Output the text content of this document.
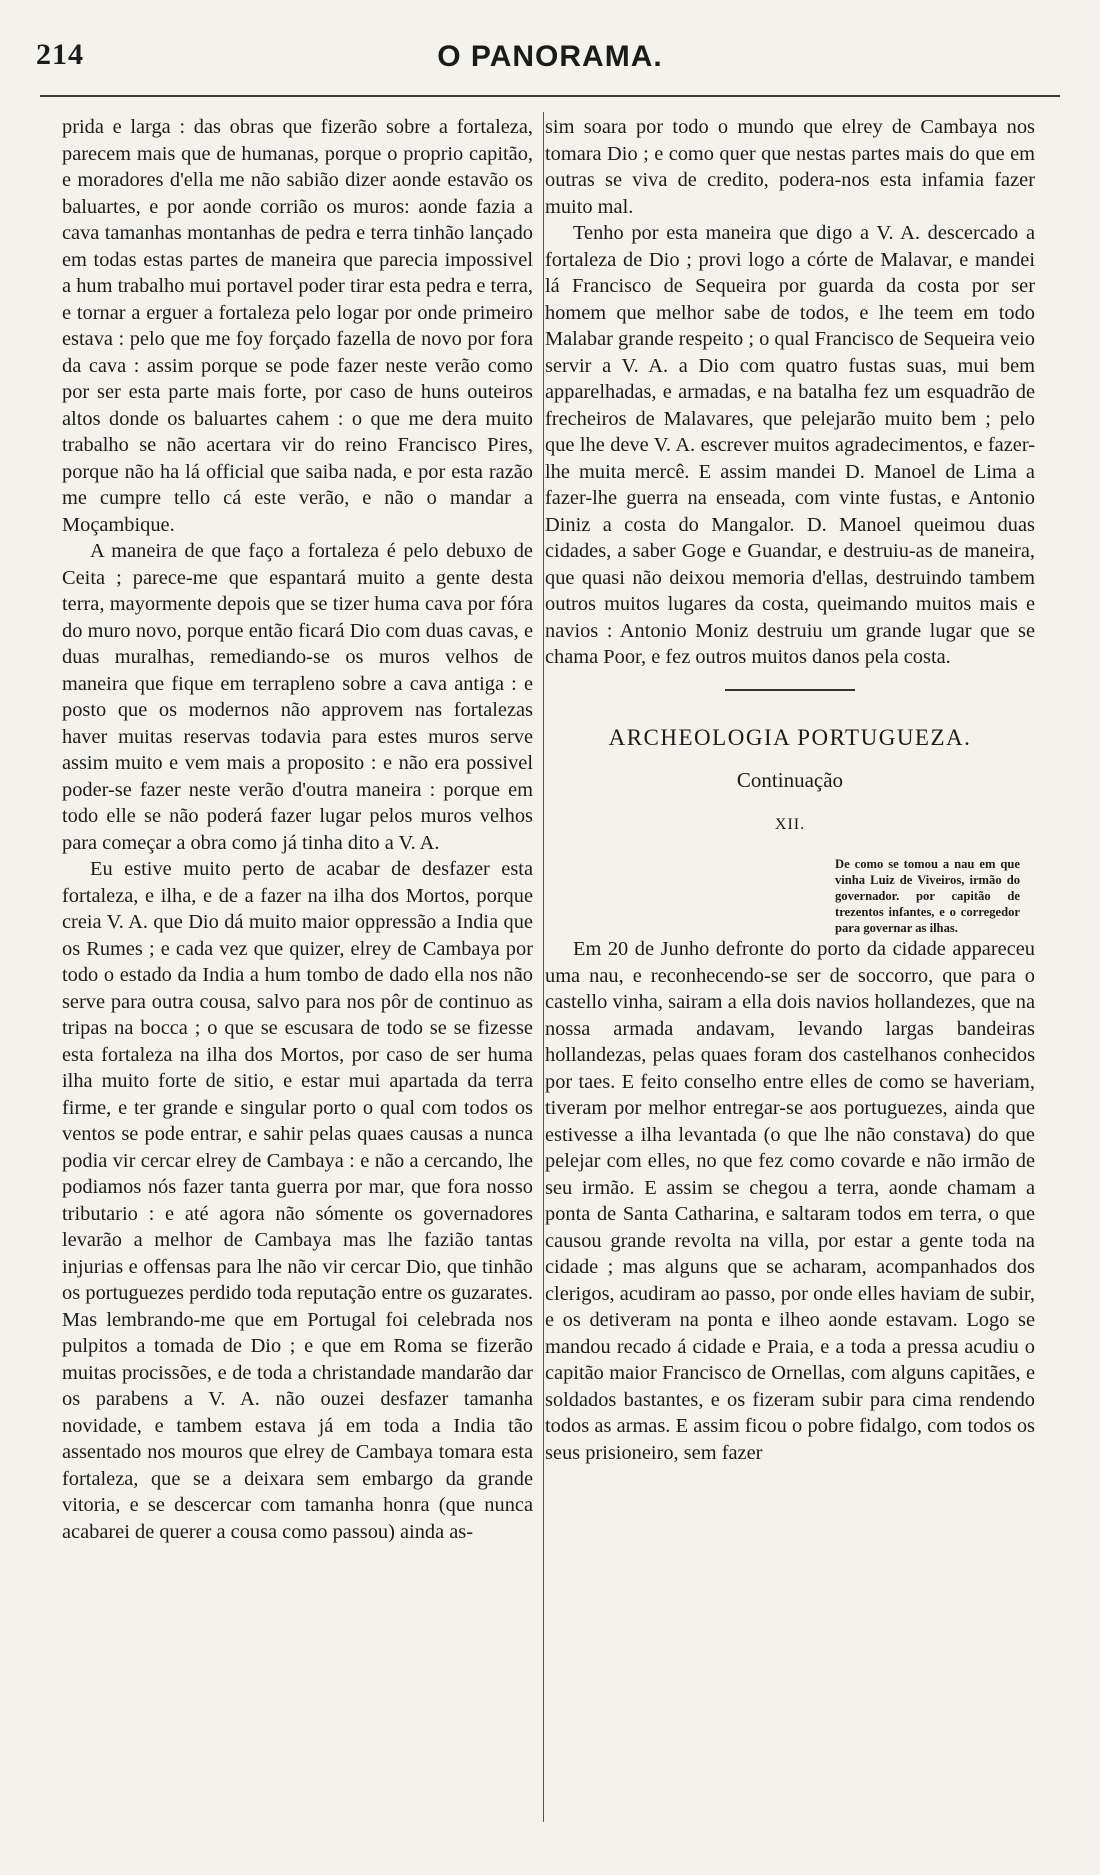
214	O PANORAMA.

prida e larga : das obras que fizerão sobre a fortaleza, parecem mais que de humanas, porque o proprio capitão, e moradores d'ella me não sabião dizer aonde estavão os baluartes, e por aonde corrião os muros: aonde fazia a cava tamanhas montanhas de pedra e terra tinhão lançado em todas estas partes de maneira que parecia impossivel a hum trabalho mui portavel poder tirar esta pedra e terra, e tornar a erguer a fortaleza pelo logar por onde primeiro estava : pelo que me foy forçado fazella de novo por fora da cava : assim porque se pode fazer neste verão como por ser esta parte mais forte, por caso de huns outeiros altos donde os baluartes cahem : o que me dera muito trabalho se não acertara vir do reino Francisco Pires, porque não ha lá official que saiba nada, e por esta razão me cumpre tello cá este verão, e não o mandar a Moçambique.

A maneira de que faço a fortaleza é pelo debuxo de Ceita ; parece-me que espantará muito a gente desta terra, mayormente depois que se tizer huma cava por fóra do muro novo, porque então ficará Dio com duas cavas, e duas muralhas, remediando-se os muros velhos de maneira que fique em terrapleno sobre a cava antiga : e posto que os modernos não approvem nas fortalezas haver muitas reservas todavia para estes muros serve assim muito e vem mais a proposito : e não era possivel poder-se fazer neste verão d'outra maneira : porque em todo elle se não poderá fazer lugar pelos muros velhos para começar a obra como já tinha dito a V. A.

Eu estive muito perto de acabar de desfazer esta fortaleza, e ilha, e de a fazer na ilha dos Mortos, porque creia V. A. que Dio dá muito maior oppressão a India que os Rumes ; e cada vez que quizer, elrey de Cambaya por todo o estado da India a hum tombo de dado ella nos não serve para outra cousa, salvo para nos pôr de continuo as tripas na bocca ; o que se escusara de todo se se fizesse esta fortaleza na ilha dos Mortos, por caso de ser huma ilha muito forte de sitio, e estar mui apartada da terra firme, e ter grande e singular porto o qual com todos os ventos se pode entrar, e sahir pelas quaes causas a nunca podia vir cercar elrey de Cambaya : e não a cercando, lhe podiamos nós fazer tanta guerra por mar, que fora nosso tributario : e até agora não sómente os governadores levarão a melhor de Cambaya mas lhe fazião tantas injurias e offensas para lhe não vir cercar Dio, que tinhão os portuguezes perdido toda reputação entre os guzarates. Mas lembrando-me que em Portugal foi celebrada nos pulpitos a tomada de Dio ; e que em Roma se fizerão muitas procissões, e de toda a christandade mandarão dar os parabens a V. A. não ouzei desfazer tamanha novidade, e tambem estava já em toda a India tão assentado nos mouros que elrey de Cambaya tomara esta fortaleza, que se a deixara sem embargo da grande vitoria, e se descercar com tamanha honra (que nunca acabarei de querer a cousa como passou) ainda as-

sim soara por todo o mundo que elrey de Cambaya nos tomara Dio ; e como quer que nestas partes mais do que em outras se viva de credito, podera-nos esta infamia fazer muito mal.

Tenho por esta maneira que digo a V. A. descercado a fortaleza de Dio ; provi logo a córte de Malavar, e mandei lá Francisco de Sequeira por guarda da costa por ser homem que melhor sabe de todos, e lhe teem em todo Malabar grande respeito ; o qual Francisco de Sequeira veio servir a V. A. a Dio com quatro fustas suas, mui bem apparelhadas, e armadas, e na batalha fez um esquadrão de frecheiros de Malavares, que pelejarão muito bem ; pelo que lhe deve V. A. escrever muitos agradecimentos, e fazer-lhe muita mercê. E assim mandei D. Manoel de Lima a fazer-lhe guerra na enseada, com vinte fustas, e Antonio Diniz a costa do Mangalor. D. Manoel queimou duas cidades, a saber Goge e Guandar, e destruiu-as de maneira, que quasi não deixou memoria d'ellas, destruindo tambem outros muitos lugares da costa, queimando muitos mais e navios : Antonio Moniz destruiu um grande lugar que se chama Poor, e fez outros muitos danos pela costa.

ARCHEOLOGIA PORTUGUEZA.
Continuação
XII.
De como se tomou a nau em que vinha Luiz de Viveiros, irmão do governador. por capitão de trezentos infantes, e o corregedor para governar as ilhas.

Em 20 de Junho defronte do porto da cidade appareceu uma nau, e reconhecendo-se ser de soccorro, que para o castello vinha, sairam a ella dois navios hollandezes, que na nossa armada andavam, levando largas bandeiras hollandezas, pelas quaes foram dos castelhanos conhecidos por taes. E feito conselho entre elles de como se haveriam, tiveram por melhor entregar-se aos portuguezes, ainda que estivesse a ilha levantada (o que lhe não constava) do que pelejar com elles, no que fez como covarde e não irmão de seu irmão. E assim se chegou a terra, aonde chamam a ponta de Santa Catharina, e saltaram todos em terra, o que causou grande revolta na villa, por estar a gente toda na cidade ; mas alguns que se acharam, acompanhados dos clerigos, acudiram ao passo, por onde elles haviam de subir, e os detiveram na ponta e ilheo aonde estavam. Logo se mandou recado á cidade e Praia, e a toda a pressa acudiu o capitão maior Francisco de Ornellas, com alguns capitães, e soldados bastantes, e os fizeram subir para cima rendendo todos as armas. E assim ficou o pobre fidalgo, com todos os seus prisioneiro, sem fazer
